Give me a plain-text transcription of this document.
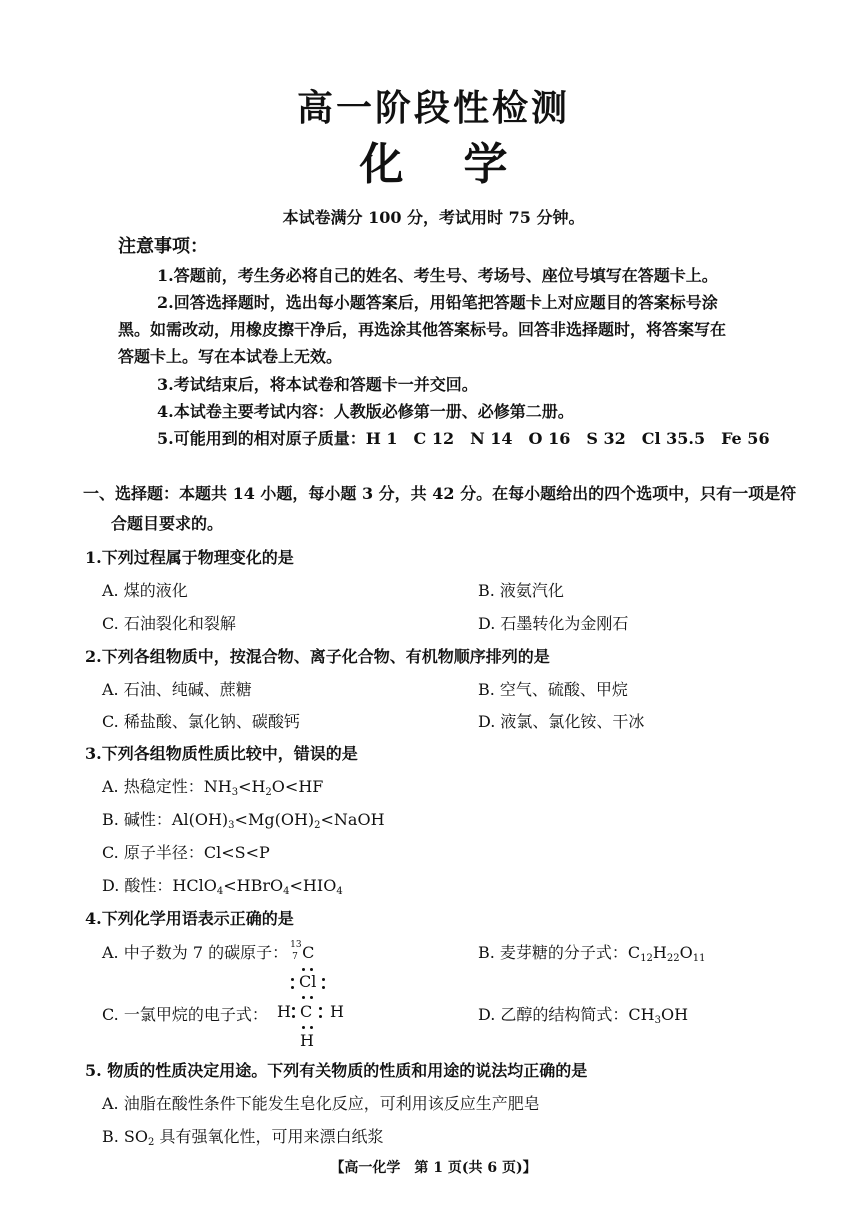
高一阶段性检测
化学
本试卷满分 100 分，考试用时 75 分钟。
注意事项：
1.答题前，考生务必将自己的姓名、考生号、考场号、座位号填写在答题卡上。
2.回答选择题时，选出每小题答案后，用铅笔把答题卡上对应题目的答案标号涂
黑。如需改动，用橡皮擦干净后，再选涂其他答案标号。回答非选择题时，将答案写在
答题卡上。写在本试卷上无效。
3.考试结束后，将本试卷和答题卡一并交回。
4.本试卷主要考试内容：人教版必修第一册、必修第二册。
5.可能用到的相对原子质量：H 1　C 12　N 14　O 16　S 32　Cl 35.5　Fe 56
一、选择题：本题共 14 小题，每小题 3 分，共 42 分。在每小题给出的四个选项中，只有一项是符
合题目要求的。
1.下列过程属于物理变化的是
A. 煤的液化	B. 液氨汽化
C. 石油裂化和裂解	D. 石墨转化为金刚石
2.下列各组物质中，按混合物、离子化合物、有机物顺序排列的是
A. 石油、纯碱、蔗糖	B. 空气、硫酸、甲烷
C. 稀盐酸、氯化钠、碳酸钙	D. 液氯、氯化铵、干冰
3.下列各组物质性质比较中，错误的是
A. 热稳定性：$NH_3<H_2O<HF$
B. 碱性：$Al(OH)_3<Mg(OH)_2<NaOH$
C. 原子半径：Cl<S<P
D. 酸性：$HClO_4<HBrO_4<HIO_4$
4.下列化学用语表示正确的是
A. 中子数为 7 的碳原子： 13
7 C	B. 麦芽糖的分子式：$C_{12}H_{22}O_{11}$
C. 一氯甲烷的电子式： H C H
Cl
H
D. 乙醇的结构简式：$CH_3OH$
5. 物质的性质决定用途。下列有关物质的性质和用途的说法均正确的是
A. 油脂在酸性条件下能发生皂化反应，可利用该反应生产肥皂
B. $SO_2$ 具有强氧化性，可用来漂白纸浆
【高一化学　第 1 页(共 6 页)】
